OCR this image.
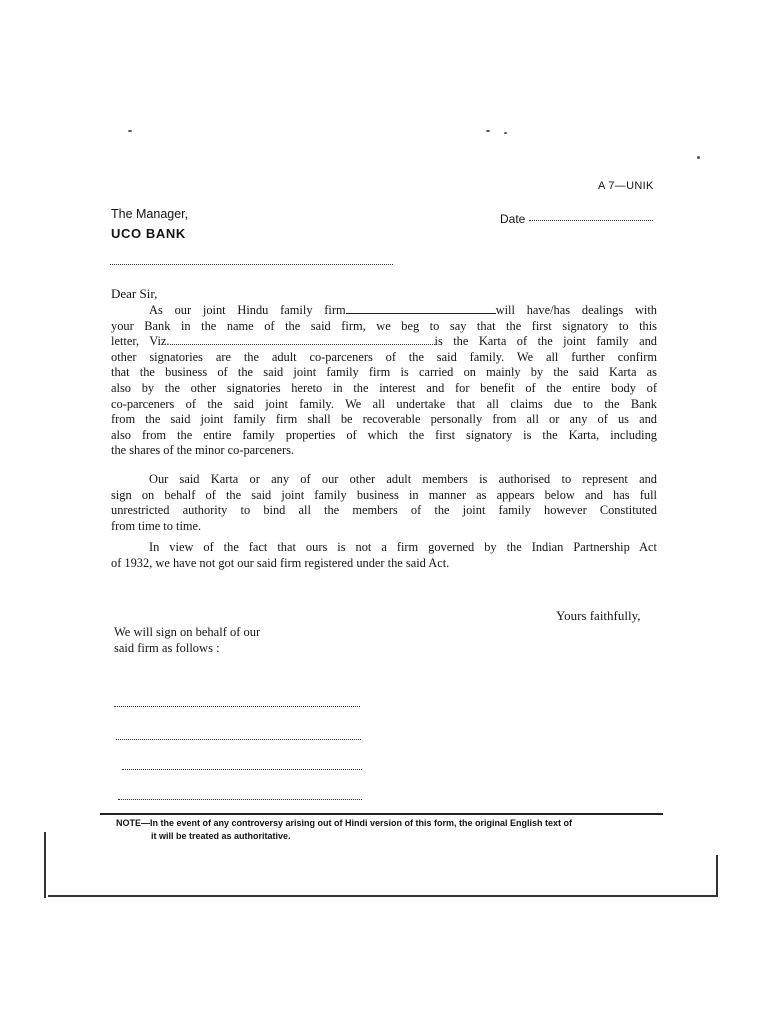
A 7—UNIK
The Manager,
UCO BANK
Date
Dear Sir,
As our joint Hindu family firm	will have/has dealings with
your Bank in the name of the said firm, we beg to say that the first signatory to this
letter, Viz.	is the Karta of the joint family and
other signatories are the adult co-parceners of the said family. We all further confirm
that the business of the said joint family firm is carried on mainly by the said Karta as
also by the other signatories hereto in the interest and for benefit of the entire body of
co-parceners of the said joint family. We all undertake that all claims due to the Bank
from the said joint family firm shall be recoverable personally from all or any of us and
also from the entire family properties of which the first signatory is the Karta, including
the shares of the minor co-parceners.
Our said Karta or any of our other adult members is authorised to represent and
sign on behalf of the said joint family business in manner as appears below and has full
unrestricted authority to bind all the members of the joint family however Constituted
from time to time.
In view of the fact that ours is not a firm governed by the Indian Partnership Act
of 1932, we have not got our said firm registered under the said Act.
Yours faithfully,
We will sign on behalf of our
said firm as follows :
NOTE—In the event of any controversy arising out of Hindi version of this form, the original English text of
it will be treated as authoritative.
